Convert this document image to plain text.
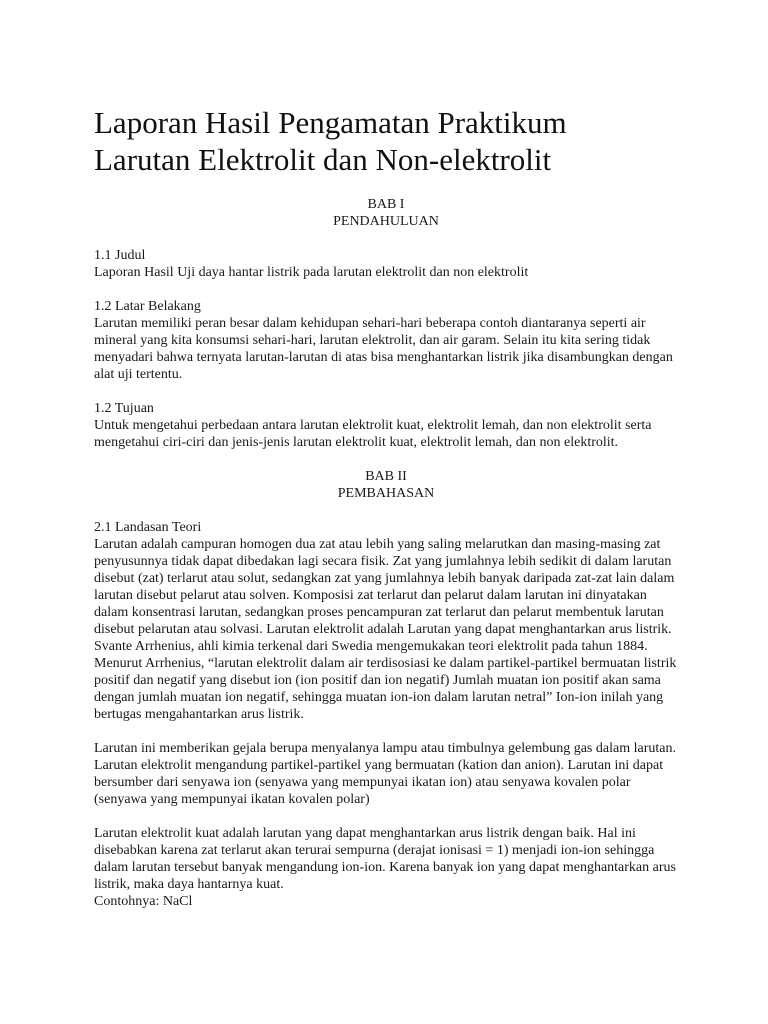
Laporan Hasil Pengamatan Praktikum
Larutan Elektrolit dan Non-elektrolit

BAB I

PENDAHULUAN

1.1 Judul

Laporan Hasil Uji daya hantar listrik pada larutan elektrolit dan non elektrolit

1.2 Latar Belakang

Larutan memiliki peran besar dalam kehidupan sehari-hari beberapa contoh diantaranya seperti air mineral yang kita konsumsi sehari-hari, larutan elektrolit, dan air garam. Selain itu kita sering tidak menyadari bahwa ternyata larutan-larutan di atas bisa menghantarkan listrik jika disambungkan dengan alat uji tertentu.

1.2 Tujuan

Untuk mengetahui perbedaan antara larutan elektrolit kuat, elektrolit lemah, dan non elektrolit serta mengetahui ciri-ciri dan jenis-jenis larutan elektrolit kuat, elektrolit lemah, dan non elektrolit.

BAB II

PEMBAHASAN

2.1 Landasan Teori

Larutan adalah campuran homogen dua zat atau lebih yang saling melarutkan dan masing-masing zat penyusunnya tidak dapat dibedakan lagi secara fisik. Zat yang jumlahnya lebih sedikit di dalam larutan disebut (zat) terlarut atau solut, sedangkan zat yang jumlahnya lebih banyak daripada zat-zat lain dalam larutan disebut pelarut atau solven. Komposisi zat terlarut dan pelarut dalam larutan ini dinyatakan dalam konsentrasi larutan, sedangkan proses pencampuran zat terlarut dan pelarut membentuk larutan disebut pelarutan atau solvasi. Larutan elektrolit adalah Larutan yang dapat menghantarkan arus listrik. Svante Arrhenius, ahli kimia terkenal dari Swedia mengemukakan teori elektrolit pada tahun 1884. Menurut Arrhenius, “larutan elektrolit dalam air terdisosiasi ke dalam partikel-partikel bermuatan listrik positif dan negatif yang disebut ion (ion positif dan ion negatif) Jumlah muatan ion positif akan sama dengan jumlah muatan ion negatif, sehingga muatan ion-ion dalam larutan netral” Ion-ion inilah yang bertugas mengahantarkan arus listrik.

Larutan ini memberikan gejala berupa menyalanya lampu atau timbulnya gelembung gas dalam larutan. Larutan elektrolit mengandung partikel-partikel yang bermuatan (kation dan anion). Larutan ini dapat bersumber dari senyawa ion (senyawa yang mempunyai ikatan ion) atau senyawa kovalen polar (senyawa yang mempunyai ikatan kovalen polar)

Larutan elektrolit kuat adalah larutan yang dapat menghantarkan arus listrik dengan baik. Hal ini disebabkan karena zat terlarut akan terurai sempurna (derajat ionisasi = 1) menjadi ion-ion sehingga dalam larutan tersebut banyak mengandung ion-ion. Karena banyak ion yang dapat menghantarkan arus listrik, maka daya hantarnya kuat.

Contohnya: NaCl
